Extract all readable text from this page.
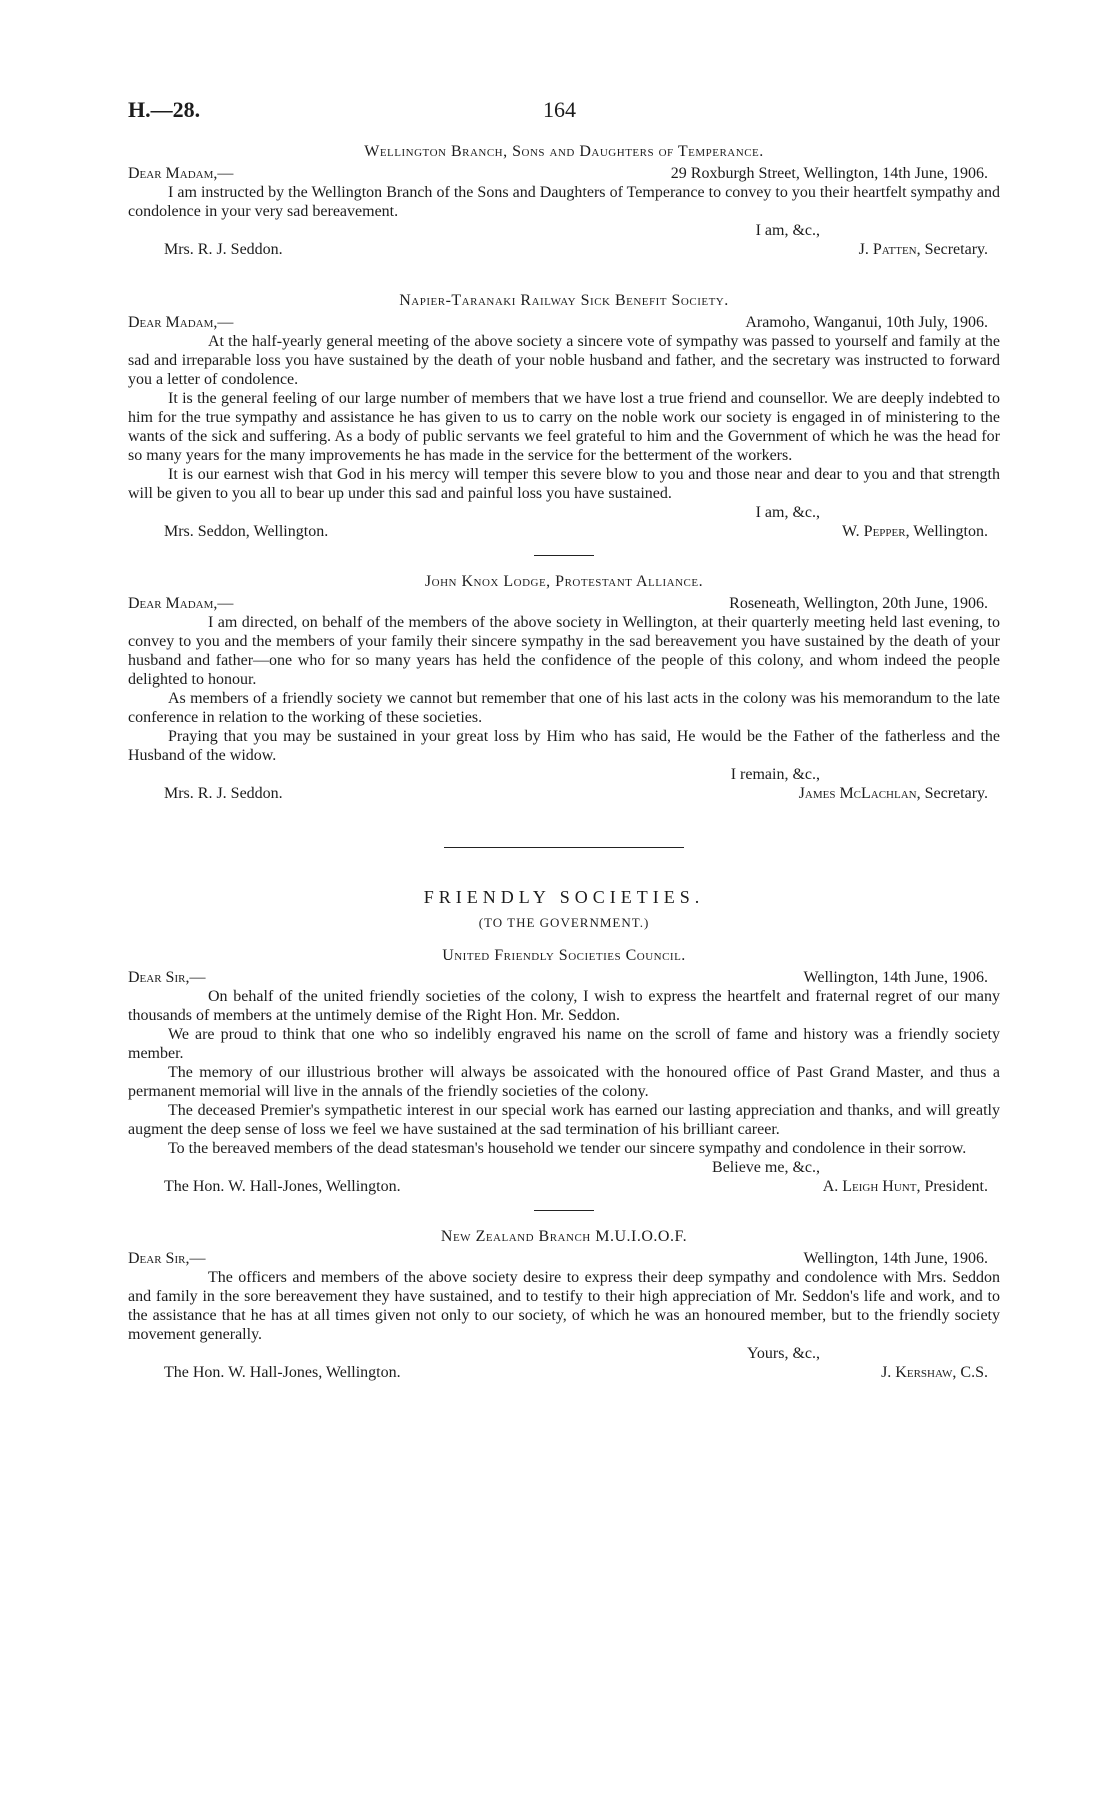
H.—28.	164
Wellington Branch, Sons and Daughters of Temperance.
Dear Madam,—	29 Roxburgh Street, Wellington, 14th June, 1906.

I am instructed by the Wellington Branch of the Sons and Daughters of Temperance to convey to you their heartfelt sympathy and condolence in your very sad bereavement.

I am, &c.,
Mrs. R. J. Seddon.	J. Patten, Secretary.
Napier-Taranaki Railway Sick Benefit Society.
Dear Madam,—	Aramoho, Wanganui, 10th July, 1906.

At the half-yearly general meeting of the above society a sincere vote of sympathy was passed to yourself and family at the sad and irreparable loss you have sustained by the death of your noble husband and father, and the secretary was instructed to forward you a letter of condolence.

It is the general feeling of our large number of members that we have lost a true friend and counsellor. We are deeply indebted to him for the true sympathy and assistance he has given to us to carry on the noble work our society is engaged in of ministering to the wants of the sick and suffering. As a body of public servants we feel grateful to him and the Government of which he was the head for so many years for the many improvements he has made in the service for the betterment of the workers.

It is our earnest wish that God in his mercy will temper this severe blow to you and those near and dear to you and that strength will be given to you all to bear up under this sad and painful loss you have sustained.

I am, &c.,
Mrs. Seddon, Wellington.	W. Pepper, Wellington.
John Knox Lodge, Protestant Alliance.
Dear Madam,—	Roseneath, Wellington, 20th June, 1906.

I am directed, on behalf of the members of the above society in Wellington, at their quarterly meeting held last evening, to convey to you and the members of your family their sincere sympathy in the sad bereavement you have sustained by the death of your husband and father—one who for so many years has held the confidence of the people of this colony, and whom indeed the people delighted to honour.

As members of a friendly society we cannot but remember that one of his last acts in the colony was his memorandum to the late conference in relation to the working of these societies.

Praying that you may be sustained in your great loss by Him who has said, He would be the Father of the fatherless and the Husband of the widow.

I remain, &c.,
Mrs. R. J. Seddon.	James McLachlan, Secretary.
FRIENDLY SOCIETIES.
(TO THE GOVERNMENT.)
United Friendly Societies Council.
Dear Sir,—	Wellington, 14th June, 1906.

On behalf of the united friendly societies of the colony, I wish to express the heartfelt and fraternal regret of our many thousands of members at the untimely demise of the Right Hon. Mr. Seddon.

We are proud to think that one who so indelibly engraved his name on the scroll of fame and history was a friendly society member.

The memory of our illustrious brother will always be assoicated with the honoured office of Past Grand Master, and thus a permanent memorial will live in the annals of the friendly societies of the colony.

The deceased Premier's sympathetic interest in our special work has earned our lasting appreciation and thanks, and will greatly augment the deep sense of loss we feel we have sustained at the sad termination of his brilliant career.

To the bereaved members of the dead statesman's household we tender our sincere sympathy and condolence in their sorrow.

Believe me, &c.,
The Hon. W. Hall-Jones, Wellington.	A. Leigh Hunt, President.
New Zealand Branch M.U.I.O.O.F.
Dear Sir,—	Wellington, 14th June, 1906.

The officers and members of the above society desire to express their deep sympathy and condolence with Mrs. Seddon and family in the sore bereavement they have sustained, and to testify to their high appreciation of Mr. Seddon's life and work, and to the assistance that he has at all times given not only to our society, of which he was an honoured member, but to the friendly society movement generally.

Yours, &c.,
The Hon. W. Hall-Jones, Wellington.	J. Kershaw, C.S.
